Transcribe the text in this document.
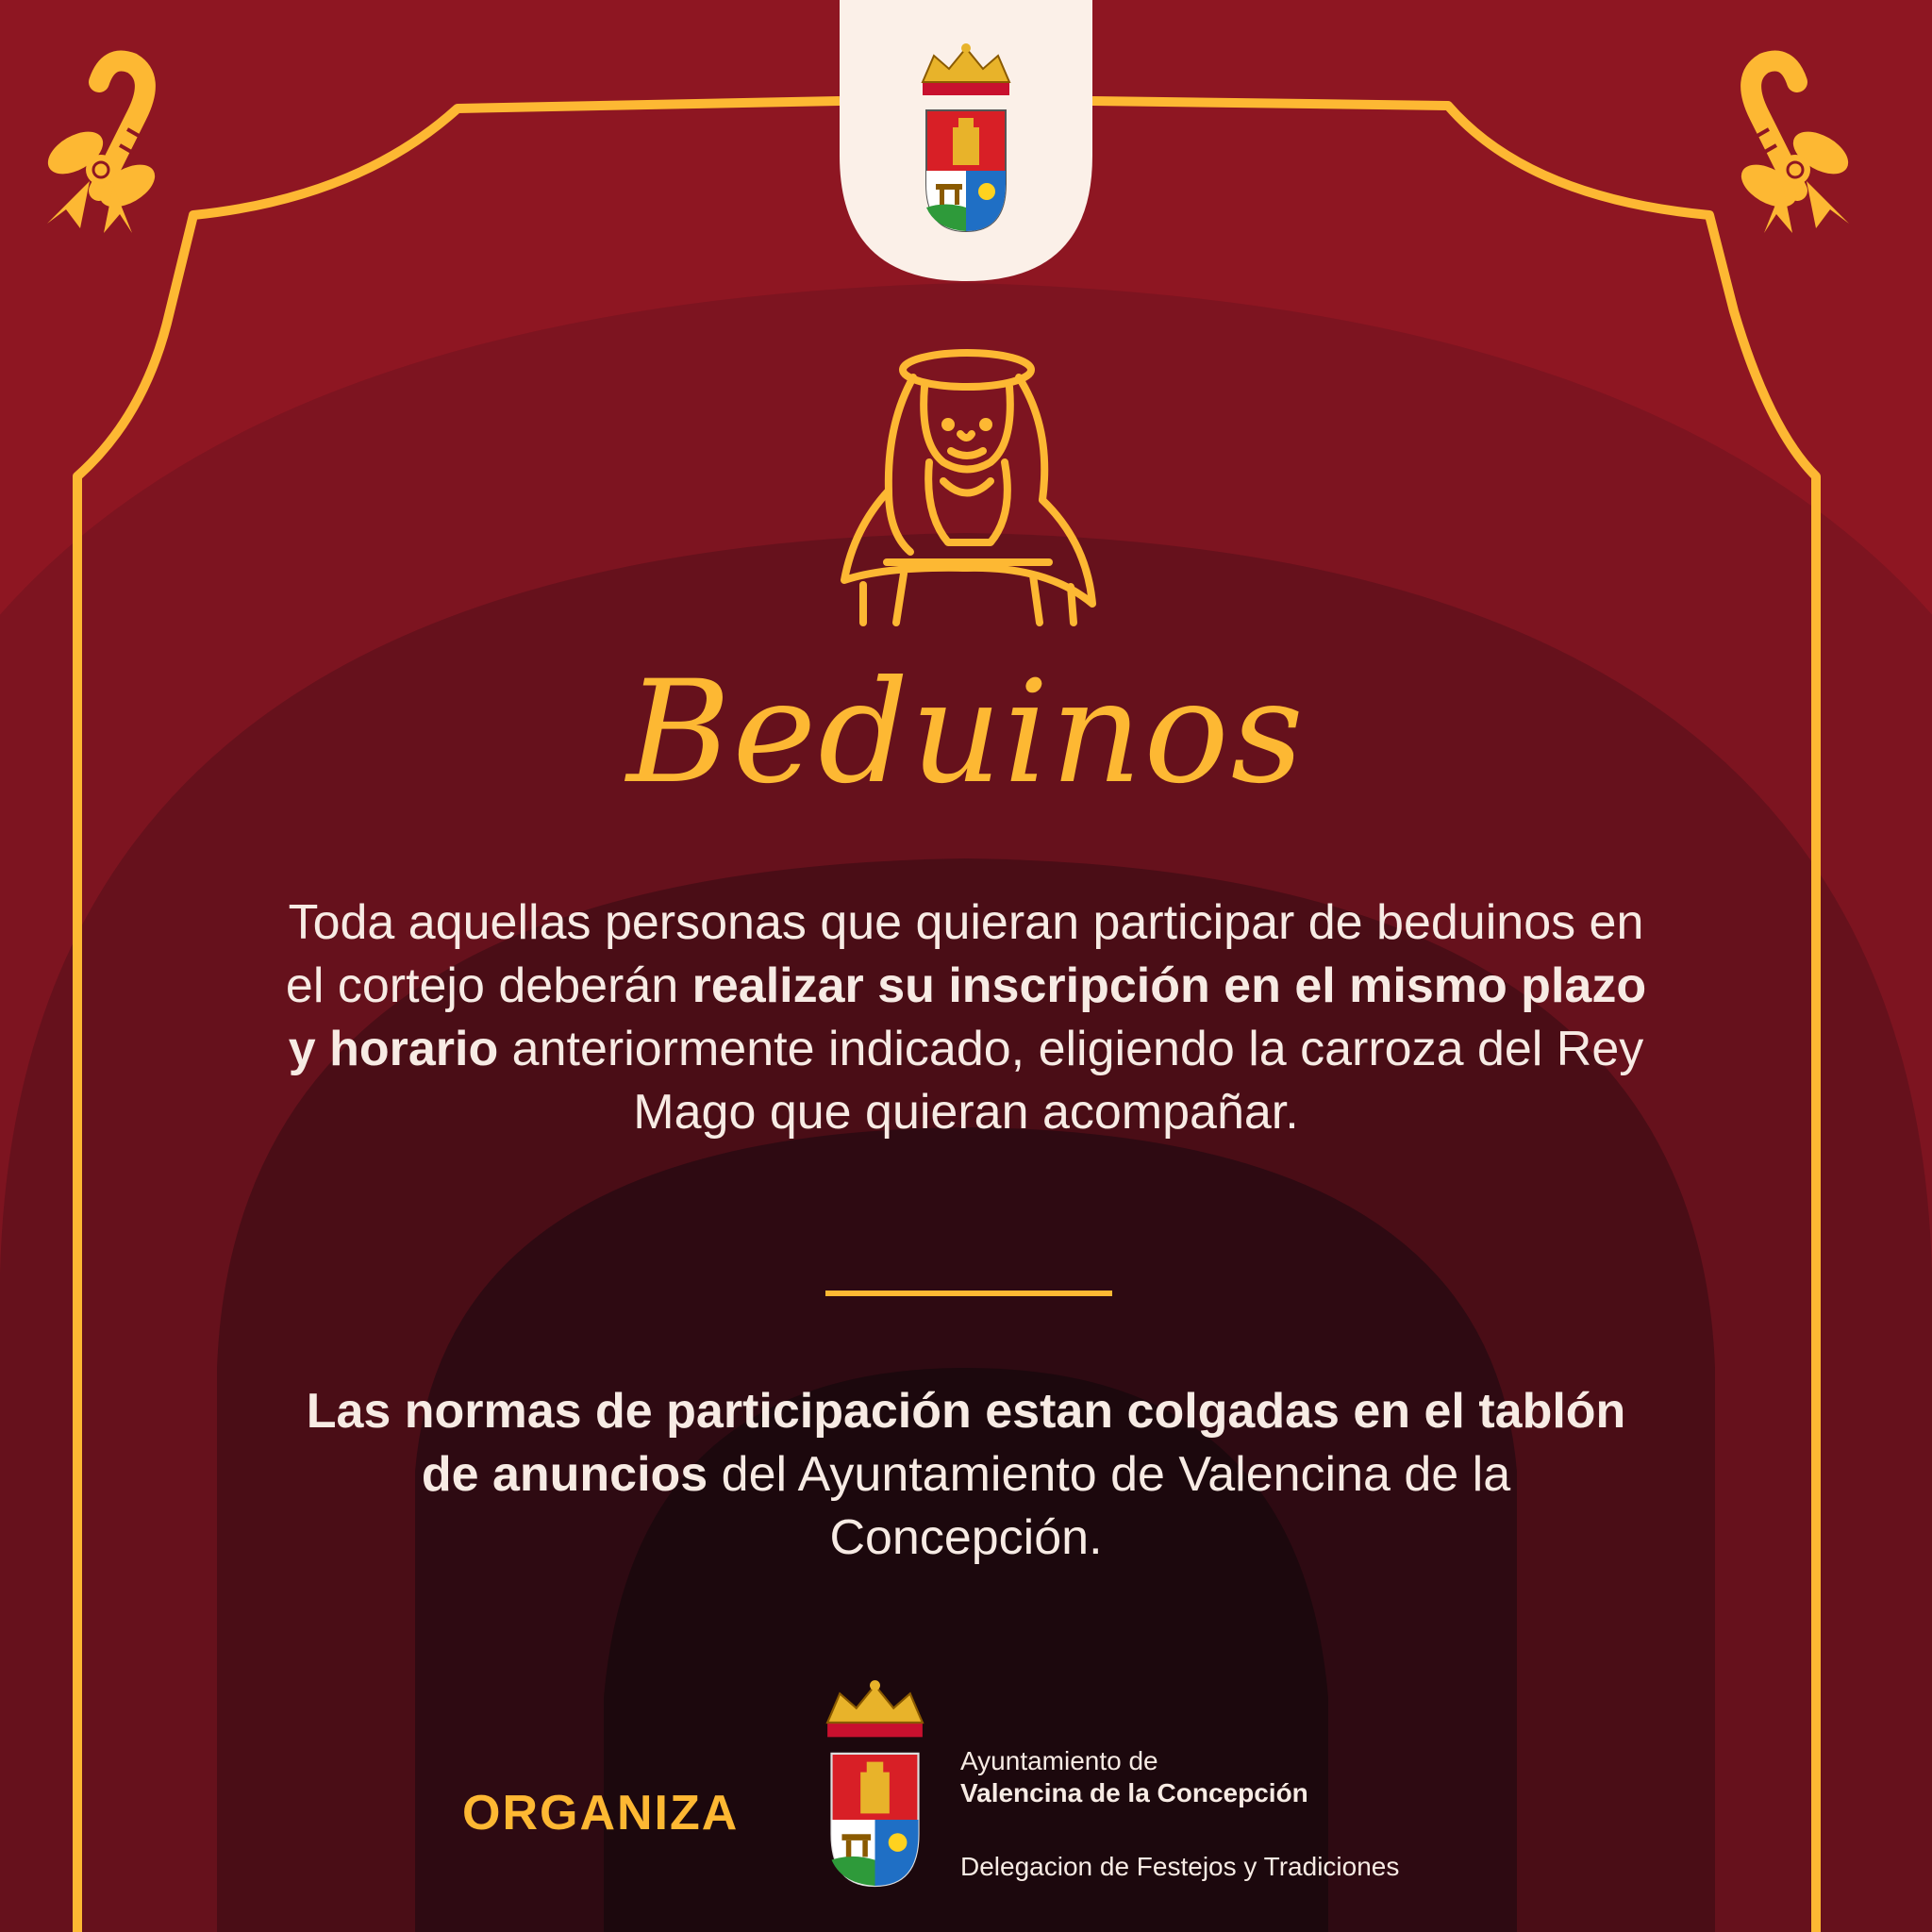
Beduinos

Toda aquellas personas que quieran participar de beduinos en el cortejo deberán realizar su inscripción en el mismo plazo y horario anteriormente indicado, eligiendo la carroza del Rey Mago que quieran acompañar.

Las normas de participación estan colgadas en el tablón de anuncios del Ayuntamiento de Valencina de la Concepción.

ORGANIZA
Ayuntamiento de
Valencina de la Concepción
Delegacion de Festejos y Tradiciones
